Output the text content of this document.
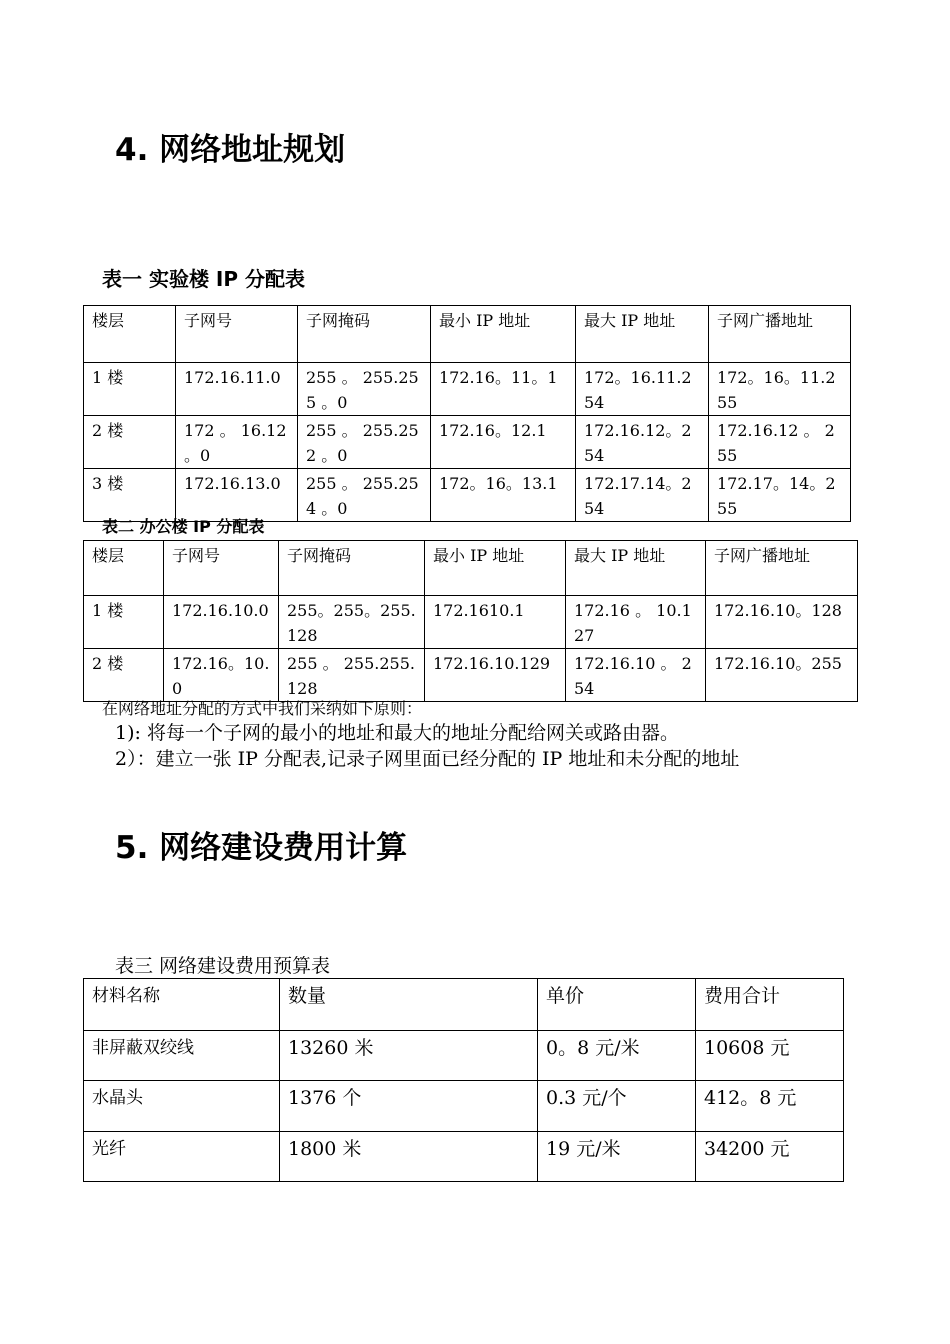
4. 网络地址规划
表一 实验楼 IP 分配表
楼层	子网号	子网掩码	最小 IP 地址	最大 IP 地址	子网广播地址
1 楼	172.16.11.0	255 。 255.255 。0	172.16。11。1	172。16.11.254	172。16。11.255
2 楼	172 。 16.12 。0	255 。 255.252 。0	172.16。12.1	172.16.12。254	172.16.12 。 255
3 楼	172.16.13.0	255 。 255.254 。0	172。16。13.1	172.17.14。254	172.17。14。255
表二 办公楼 IP 分配表
楼层	子网号	子网掩码	最小 IP 地址	最大 IP 地址	子网广播地址
1 楼	172.16.10.0	255。255。255.128	172.1610.1	172.16 。 10.127	172.16.10。128
2 楼	172.16。10.0	255 。 255.255.128	172.16.10.129	172.16.10 。 254	172.16.10。255
在网络地址分配的方式中我们采纳如下原则：
1): 将每一个子网的最小的地址和最大的地址分配给网关或路由器。
2）：建立一张 IP 分配表,记录子网里面已经分配的 IP 地址和未分配的地址
5. 网络建设费用计算
表三 网络建设费用预算表
材料名称	数量	单价	费用合计
非屏蔽双绞线	13260 米	0。8 元/米	10608 元
水晶头	1376 个	0.3 元/个	412。8 元
光纤	1800 米	19 元/米	34200 元
